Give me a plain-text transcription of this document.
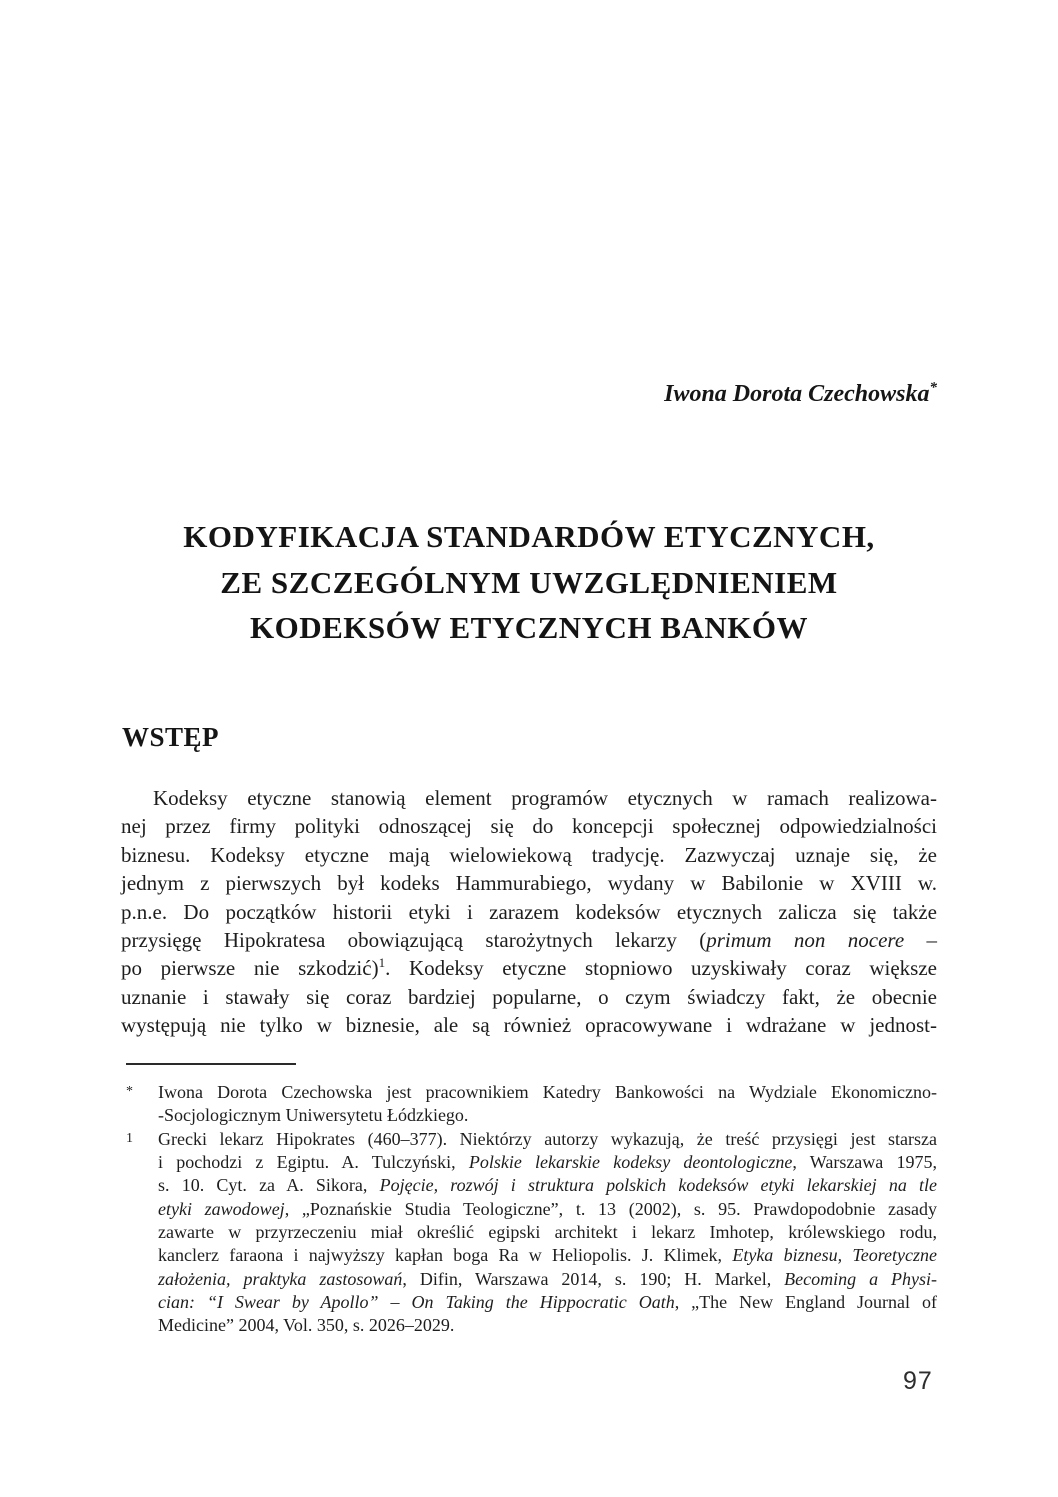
Iwona Dorota Czechowska*
KODYFIKACJA STANDARDÓW ETYCZNYCH,
ZE SZCZEGÓLNYM UWZGLĘDNIENIEM
KODEKSÓW ETYCZNYCH BANKÓW
WSTĘP
Kodeksy etyczne stanowią element programów etycznych w ramach realizowa-
nej przez firmy polityki odnoszącej się do koncepcji społecznej odpowiedzialności
biznesu. Kodeksy etyczne mają wielowiekową tradycję. Zazwyczaj uznaje się, że
jednym z pierwszych był kodeks Hammurabiego, wydany w Babilonie w XVIII w.
p.n.e. Do początków historii etyki i zarazem kodeksów etycznych zalicza się także
przysięgę Hipokratesa obowiązującą starożytnych lekarzy (primum non nocere –
po pierwsze nie szkodzić)$^1$. Kodeksy etyczne stopniowo uzyskiwały coraz większe
uznanie i stawały się coraz bardziej popularne, o czym świadczy fakt, że obecnie
występują nie tylko w biznesie, ale są również opracowywane i wdrażane w jednost-
*	Iwona Dorota Czechowska jest pracownikiem Katedry Bankowości na Wydziale Ekonomiczno-
-Socjologicznym Uniwersytetu Łódzkiego.
1	Grecki lekarz Hipokrates (460–377). Niektórzy autorzy wykazują, że treść przysięgi jest starsza
i pochodzi z Egiptu. A. Tulczyński, Polskie lekarskie kodeksy deontologiczne, Warszawa 1975,
s. 10. Cyt. za A. Sikora, Pojęcie, rozwój i struktura polskich kodeksów etyki lekarskiej na tle
etyki zawodowej, „Poznańskie Studia Teologiczne”, t. 13 (2002), s. 95. Prawdopodobnie zasady
zawarte w przyrzeczeniu miał określić egipski architekt i lekarz Imhotep, królewskiego rodu,
kanclerz faraona i najwyższy kapłan boga Ra w Heliopolis. J. Klimek, Etyka biznesu, Teoretyczne
założenia, praktyka zastosowań, Difin, Warszawa 2014, s. 190; H. Markel, Becoming a Physi-
cian: “I Swear by Apollo” – On Taking the Hippocratic Oath, „The New England Journal of
Medicine” 2004, Vol. 350, s. 2026–2029.
97
